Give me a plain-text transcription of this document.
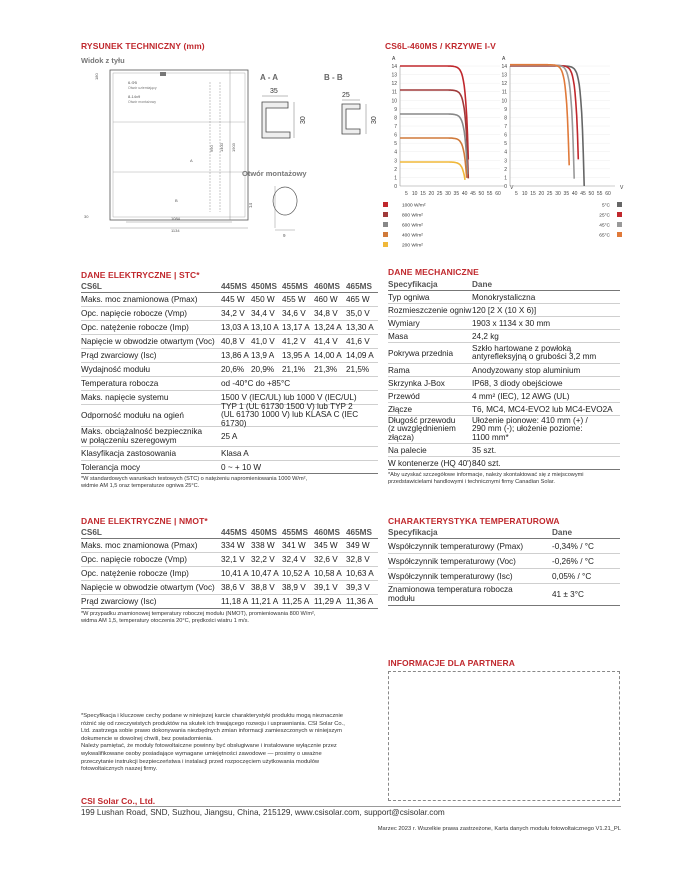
RYSUNEK TECHNICZNY (mm)
Widok z tyłu
6-Φ5
Otwór uziemiający
8-14x9
Otwór montażowy
180
990 1400 1903
1084
1134
30
A
B
A - A
35
30
B - B
25
30
Otwór montażowy
14
9
CS6L-460MS / KRZYWE I-V
A
14
13
12
11
10
9
8
7
6
5
4
3
2
1
0
5 10 15 20 25 30 35 40 45 50 55 60
V
A
14
13
12
11
10
9
8
7
6
5
4
3
2
1
0
5 10 15 20 25 30 35 40 45 50 55 60
V
1000 W/m²
800 W/m²
600 W/m²
400 W/m²
200 W/m²
5°C
25°C
45°C
65°C
DANE ELEKTRYCZNE | STC*
CS6L	445MS 450MS 455MS 460MS 465MS
Maks. moc znamionowa (Pmax)	445 W 450 W 455 W	460 W	465 W
Opc. napięcie robocze (Vmp)	34,2 V 34,4 V 34,6 V	34,8 V	35,0 V
Opc. natężenie robocze (Imp)	13,03 A 13,10 A 13,17 A 13,24 A 13,30 A
Napięcie w obwodzie otwartym (Voc) 40,8 V 41,0 V 41,2 V	41,4 V	41,6 V
Prąd zwarciowy (Isc)	13,86 A 13,9 A 13,95 A 14,00 A 14,09 A
Wydajność modułu	20,6% 20,9% 21,1%	21,3%	21,5%
Temperatura robocza	od -40°C do +85°C
Maks. napięcie systemu	1500 V (IEC/UL) lub 1000 V (IEC/UL)
Odporność modułu na ogień
TYP 1 (UL 61730 1500 V) lub TYP 2
(UL 61730 1000 V) lub KLASA C (IEC 61730)
Maks. obciążalność bezpiecznika
w połączeniu szeregowym	25 A
Klasyfikacja zastosowania	Klasa A
Tolerancja mocy	0 ~ + 10 W
*W standardowych warunkach testowych (STC) o natężeniu napromieniowania 1000 W/m²,
widmie AM 1,5 oraz temperaturze ogniwa 25°C.
DANE MECHANICZNE
Specyfikacja	Dane
Typ ogniwa	Monokrystaliczna
Rozmieszczenie ogniw 120 [2 X (10 X 6)]
Wymiary	1903 x 1134 x 30 mm
Masa	24,2 kg
Pokrywa przednia
Szkło hartowane z powłoką
antyrefleksyjną o grubości 3,2 mm
Rama	Anodyzowany stop aluminium
Skrzynka J-Box	IP68, 3 diody obejściowe
Przewód	4 mm² (IEC), 12 AWG (UL)
Złącze	T6, MC4, MC4-EVO2 lub MC4-EVO2A
Długość przewodu
(z uwzględnieniem
złącza)
Ułożenie pionowe: 410 mm (+) /
290 mm (-); ułożenie poziome:
1100 mm*
Na palecie	35 szt.
W kontenerze (HQ 40') 840 szt.
*Aby uzyskać szczegółowe informacje, należy skontaktować się z miejscowymi
przedstawicielami handlowymi i technicznymi firmy Canadian Solar.
DANE ELEKTRYCZNE | NMOT*
CS6L	445MS 450MS 455MS 460MS 465MS
Maks. moc znamionowa (Pmax)	334 W 338 W 341 W	345 W	349 W
Opc. napięcie robocze (Vmp)	32,1 V 32,2 V 32,4 V	32,6 V	32,8 V
Opc. natężenie robocze (Imp)	10,41 A 10,47 A 10,52 A 10,58 A 10,63 A
Napięcie w obwodzie otwartym (Voc) 38,6 V 38,8 V 38,9 V	39,1 V	39,3 V
Prąd zwarciowy (Isc)	11,18 A 11,21 A 11,25 A 11,29 A 11,36 A
*W przypadku znamionowej temperatury roboczej modułu (NMOT), promieniowania 800 W/m²,
widma AM 1,5, temperatury otoczenia 20°C, prędkości wiatru 1 m/s.
CHARAKTERYSTYKA TEMPERATUROWA
Specyfikacja	Dane
Współczynnik temperaturowy (Pmax)	-0,34% / °C
Współczynnik temperaturowy (Voc)	-0,26% / °C
Współczynnik temperaturowy (Isc)	0,05% / °C
Znamionowa temperatura robocza
modułu	41 ± 3°C
INFORMACJE DLA PARTNERA
*Specyfikacja i kluczowe cechy podane w niniejszej karcie charakterystyki produktu mogą nieznacznie
różnić się od rzeczywistych produktów na skutek ich trwającego rozwoju i usprawniania. CSI Solar Co.,
Ltd. zastrzega sobie prawo dokonywania niezbędnych zmian informacji zamieszczonych w niniejszym
dokumencie w dowolnej chwili, bez powiadomienia.
Należy pamiętać, że moduły fotowoltaiczne powinny być obsługiwane i instalowane wyłącznie przez
wykwalifikowane osoby posiadające wymagane umiejętności zawodowe — prosimy o uważne
przeczytanie instrukcji bezpieczeństwa i instalacji przed rozpoczęciem użytkowania modułów
fotowoltaicznych naszej firmy.
CSI Solar Co., Ltd.
199 Lushan Road, SND, Suzhou, Jiangsu, China, 215129, www.csisolar.com, support@csisolar.com
Marzec 2023 r. Wszelkie prawa zastrzeżone, Karta danych modułu fotowoltaicznego V1.21_PL
